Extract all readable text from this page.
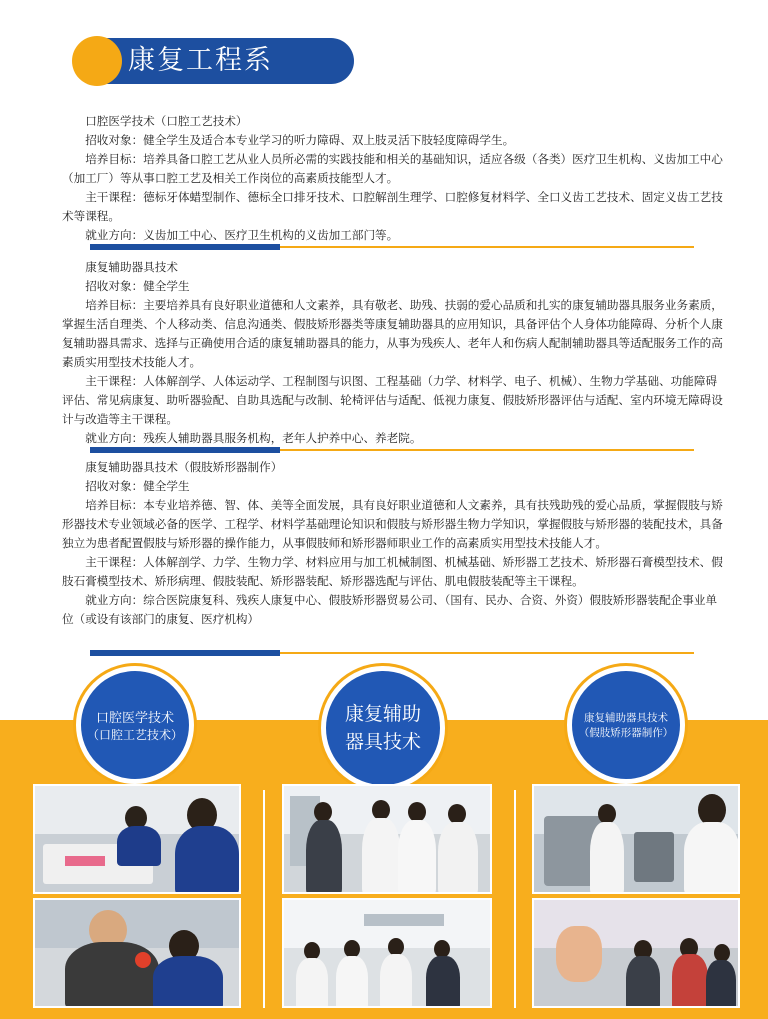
康复工程系

口腔医学技术（口腔工艺技术）

招收对象：健全学生及适合本专业学习的听力障碍、双上肢灵活下肢轻度障碍学生。

培养目标：培养具备口腔工艺从业人员所必需的实践技能和相关的基础知识，适应各级（各类）医疗卫生机构、义齿加工中心（加工厂）等从事口腔工艺及相关工作岗位的高素质技能型人才。

主干课程：德标牙体蜡型制作、德标全口排牙技术、口腔解剖生理学、口腔修复材料学、全口义齿工艺技术、固定义齿工艺技术等课程。

就业方向：义齿加工中心、医疗卫生机构的义齿加工部门等。

康复辅助器具技术

招收对象：健全学生

培养目标：主要培养具有良好职业道德和人文素养，具有敬老、助残、扶弱的爱心品质和扎实的康复辅助器具服务业务素质，掌握生活自理类、个人移动类、信息沟通类、假肢矫形器类等康复辅助器具的应用知识，具备评估个人身体功能障碍、分析个人康复辅助器具需求、选择与正确使用合适的康复辅助器具的能力，从事为残疾人、老年人和伤病人配制辅助器具等适配服务工作的高素质实用型技术技能人才。

主干课程：人体解剖学、人体运动学、工程制图与识图、工程基础（力学、材料学、电子、机械）、生物力学基础、功能障碍评估、常见病康复、助听器验配、自助具选配与改制、轮椅评估与适配、低视力康复、假肢矫形器评估与适配、室内环境无障碍设计与改造等主干课程。

就业方向：残疾人辅助器具服务机构，老年人护养中心、养老院。

康复辅助器具技术（假肢矫形器制作）

招收对象：健全学生

培养目标：本专业培养德、智、体、美等全面发展，具有良好职业道德和人文素养，具有扶残助残的爱心品质，掌握假肢与矫形器技术专业领域必备的医学、工程学、材料学基础理论知识和假肢与矫形器生物力学知识，掌握假肢与矫形器的装配技术，具备独立为患者配置假肢与矫形器的操作能力，从事假肢师和矫形器师职业工作的高素质实用型技术技能人才。

主干课程：人体解剖学、力学、生物力学、材料应用与加工机械制图、机械基础、矫形器工艺技术、矫形器石膏模型技术、假肢石膏模型技术、矫形病理、假肢装配、矫形器装配、矫形器选配与评估、肌电假肢装配等主干课程。

就业方向：综合医院康复科、残疾人康复中心、假肢矫形器贸易公司、（国有、民办、合资、外资）假肢矫形器装配企事业单位（或设有该部门的康复、医疗机构）

口腔医学技术
（口腔工艺技术）
康复辅助
器具技术
康复辅助器具技术
（假肢矫形器制作）
